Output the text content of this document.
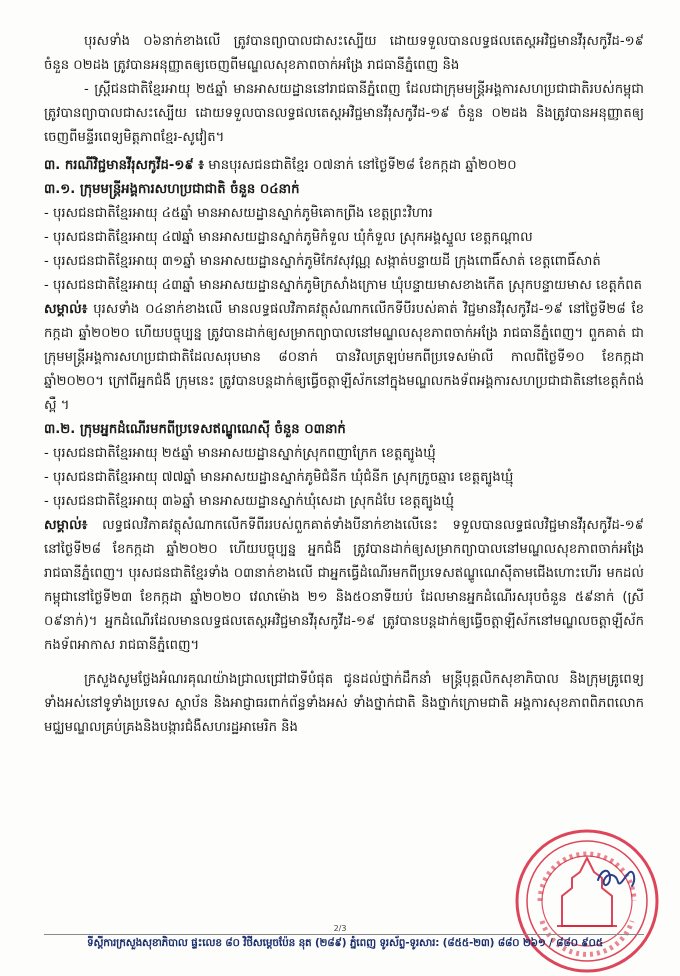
បុរសទាំង ០៦នាក់ខាងលើ ត្រូវបានព្យាបាលជាសះស្បើយ ដោយទទួលបានលទ្ធផលតេស្តអវិជ្ជមានវីរុសកូវីដ-១៩ ចំនួន ០២ដង ត្រូវបានអនុញ្ញាតឲ្យចេញពីមណ្ឌលសុខភាពចាក់អង្រែ រាជធានីភ្នំពេញ និង

- ស្ត្រីជនជាតិខ្មែរអាយុ ២៥ឆ្នាំ មានអាសយដ្ឋាននៅរាជធានីភ្នំពេញ ដែលជាក្រុមមន្ត្រីអង្គការសហប្រជាជាតិរបស់កម្ពុជាត្រូវបានព្យាបាលជាសះស្បើយ ដោយទទួលបានលទ្ធផលតេស្តអវិជ្ជមានវីរុសកូវីដ-១៩ ចំនួន ០២ដង និងត្រូវបានអនុញ្ញាតឲ្យចេញពីមន្ទីរពេទ្យមិត្តភាពខ្មែរ-សូវៀត។

៣. ករណីវិជ្ជមានវីរុសកូវីដ-១៩ ៖ មានបុរសជនជាតិខ្មែរ ០៧នាក់ នៅថ្ងៃទី២៨ ខែកក្កដា ឆ្នាំ២០២០

៣.១. ក្រុមមន្ត្រីអង្គការសហប្រជាជាតិ ចំនួន ០៤នាក់

- បុរសជនជាតិខ្មែរអាយុ ៤៥ឆ្នាំ មានអាសយដ្ឋានស្នាក់ភូមិគោកព្រីង ខេត្តព្រះវិហារ

- បុរសជនជាតិខ្មែរអាយុ ៤៧ឆ្នាំ មានអាសយដ្ឋានស្នាក់ភូមិកំទួល ឃុំកំទួល ស្រុកអង្គស្នួល ខេត្តកណ្ដាល

- បុរសជនជាតិខ្មែរអាយុ ៣១ឆ្នាំ មានអាសយដ្ឋានស្នាក់ភូមិកែវសុវណ្ណ សង្កាត់បន្ទាយដី ក្រុងពោធិ៍សាត់ ខេត្តពោធិ៍សាត់

- បុរសជនជាតិខ្មែរអាយុ ៤៣ឆ្នាំ មានអាសយដ្ឋានស្នាក់ភូមិក្រសាំងក្រោម ឃុំបន្ទាយមាសខាងកើត ស្រុកបន្ទាយមាស ខេត្តកំពត

សម្គាល់៖ បុរសទាំង ០៤នាក់ខាងលើ មានលទ្ធផលវិភាគវត្ថុសំណាកលើកទីបីរបស់គាត់ វិជ្ជមានវីរុសកូវីដ-១៩ នៅថ្ងៃទី២៨ ខែកក្កដា ឆ្នាំ២០២០ ហើយបច្ចុប្បន្ន ត្រូវបានដាក់ឲ្យសម្រាកព្យាបាលនៅមណ្ឌលសុខភាពចាក់អង្រែ រាជធានីភ្នំពេញ។ ពួកគាត់ ជាក្រុមមន្ត្រីអង្គការសហប្រជាជាតិដែលសរុបមាន ៨០នាក់ បានវិលត្រឡប់មកពីប្រទេសម៉ាលី កាលពីថ្ងៃទី១០ ខែកក្កដា ឆ្នាំ២០២០។ ក្រៅពីអ្នកជំងឺ ក្រុមនេះ ត្រូវបានបន្តដាក់ឲ្យធ្វើចត្តាឡីស័កនៅក្នុងមណ្ឌលកងទ័ពអង្គការសហប្រជាជាតិនៅខេត្តកំពង់ស្ពឺ ។

៣.២. ក្រុមអ្នកដំណើរមកពីប្រទេសឥណ្ឌូណេស៊ី ចំនួន ០៣នាក់

- បុរសជនជាតិខ្មែរអាយុ ២៥ឆ្នាំ មានអាសយដ្ឋានស្នាក់ស្រុកពញាក្រែក ខេត្តត្បូងឃ្មុំ

- បុរសជនជាតិខ្មែរអាយុ ៧៧ឆ្នាំ មានអាសយដ្ឋានស្នាក់ភូមិជំនីក ឃុំជំនីក ស្រុកក្រូចឆ្មារ ខេត្តត្បូងឃ្មុំ

- បុរសជនជាតិខ្មែរអាយុ ៣៦ឆ្នាំ មានអាសយដ្ឋានស្នាក់ឃុំសេដា ស្រុកដំបែ ខេត្តត្បូងឃ្មុំ

សម្គាល់៖ លទ្ធផលវិភាគវត្ថុសំណាកលើកទីពីររបស់ពួកគាត់ទាំងបីនាក់ខាងលើនេះ ទទួលបានលទ្ធផលវិជ្ជមានវីរុសកូវីដ-១៩ នៅថ្ងៃទី២៨ ខែកក្កដា ឆ្នាំ២០២០ ហើយបច្ចុប្បន្ន អ្នកជំងឺ ត្រូវបានដាក់ឲ្យសម្រាកព្យាបាលនៅមណ្ឌលសុខភាពចាក់អង្រែ រាជធានីភ្នំពេញ។ បុរសជនជាតិខ្មែរទាំង ០៣នាក់ខាងលើ ជាអ្នកធ្វើដំណើរមកពីប្រទេសឥណ្ឌូណេស៊ីតាមជើងហោះហើរ មកដល់កម្ពុជានៅថ្ងៃទី២៣ ខែកក្កដា ឆ្នាំ២០២០ វេលាម៉ោង ២១ និង៥០នាទីយប់ ដែលមានអ្នកដំណើរសរុបចំនួន ៥៩នាក់ (ស្រី ០៩នាក់)។ អ្នកដំណើរដែលមានលទ្ធផលតេស្តអវិជ្ជមានវីរុសកូវីដ-១៩ ត្រូវបានបន្តដាក់ឲ្យធ្វើចត្តាឡីស័កនៅមណ្ឌលចត្តាឡីស័កកងទ័ពអាកាស រាជធានីភ្នំពេញ។

ក្រសួងសូមថ្លែងអំណរគុណយ៉ាងជ្រាលជ្រៅជាទីបំផុត ជូនដល់ថ្នាក់ដឹកនាំ មន្ត្រីបុគ្គលិកសុខាភិបាល និងក្រុមគ្រូពេទ្យទាំងអស់នៅទូទាំងប្រទេស ស្ថាប័ន និងអាជ្ញាធរពាក់ព័ន្ធទាំងអស់ ទាំងថ្នាក់ជាតិ និងថ្នាក់ក្រោមជាតិ អង្គការសុខភាពពិភពលោក មជ្ឈមណ្ឌលគ្រប់គ្រងនិងបង្ការជំងឺសហរដ្ឋអាមេរិក និង

2/3
ទីស្ដីការក្រសួងសុខាភិបាល ផ្ទះលេខ ៨០ វិថីសម្ដេចប៉ែន នុត (២៨៩) ភ្នំពេញ ទូរស័ព្ទ-ទូរសារ: (៨៥៥-២៣) ៨៨០ ២៦១ / ៨៨០ ៩០៥
